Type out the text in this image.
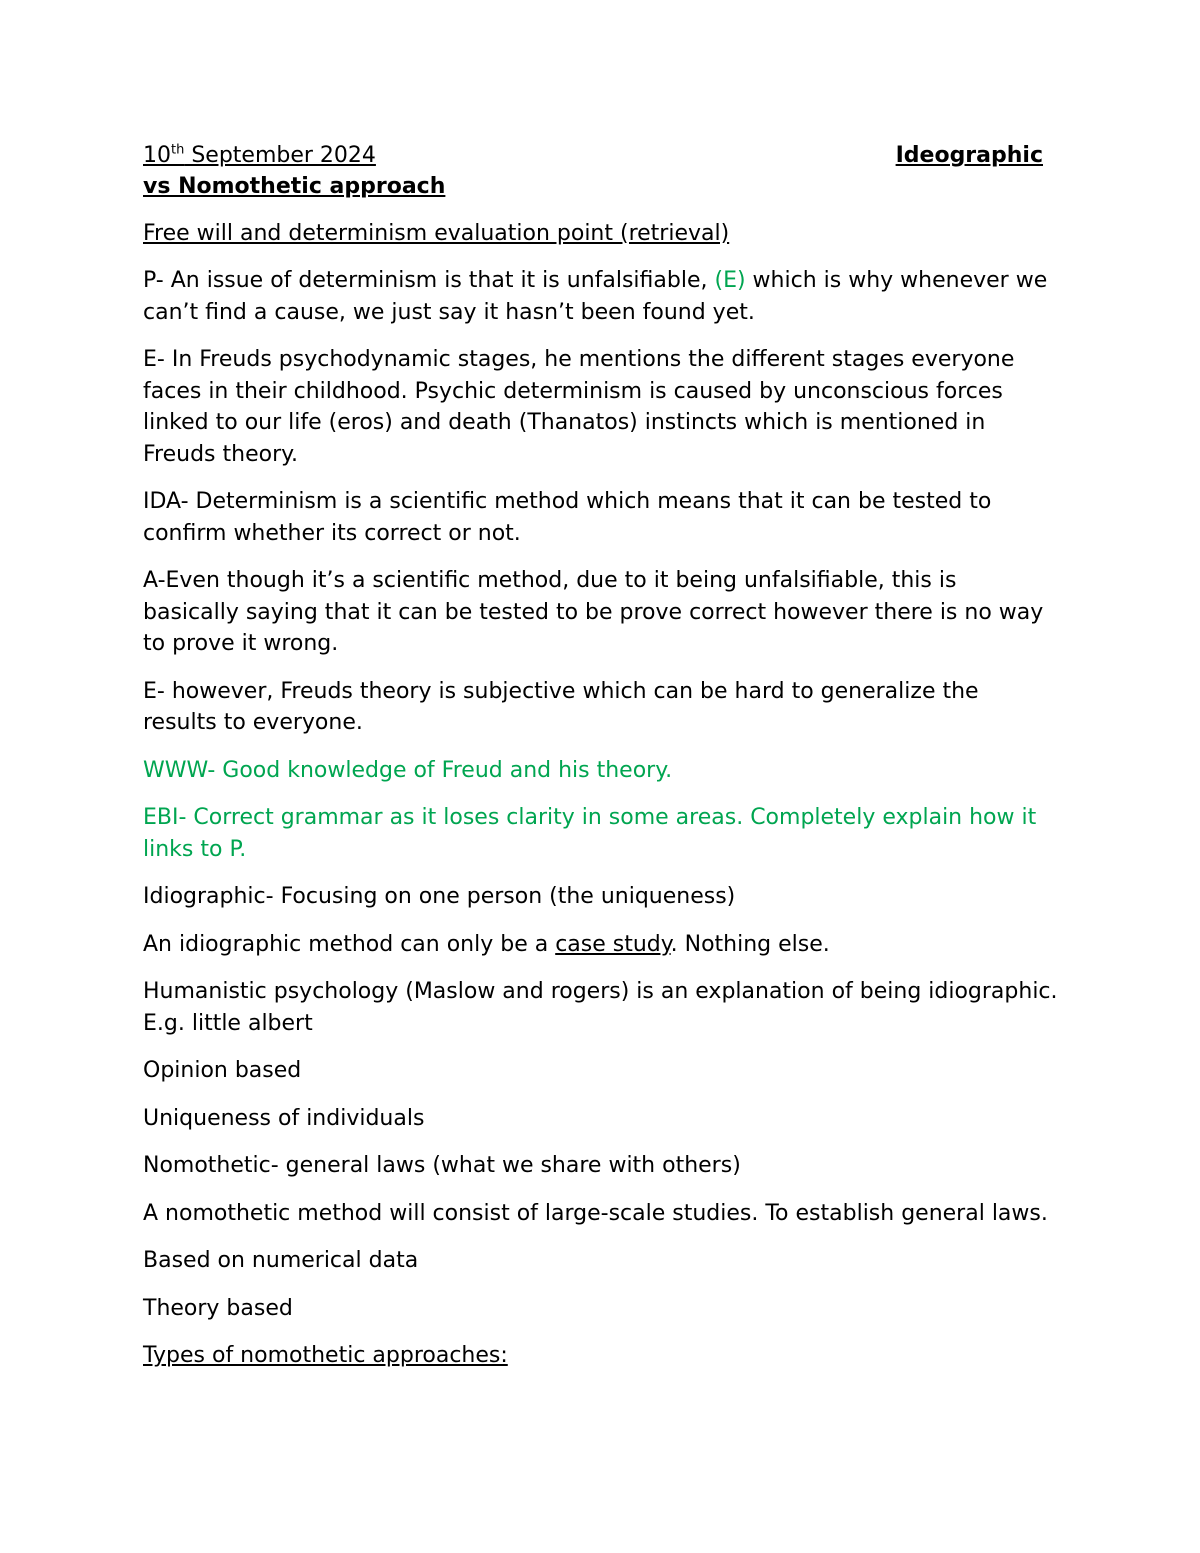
10th September 2024	Ideographic
vs Nomothetic approach

Free will and determinism evaluation point (retrieval)

P- An issue of determinism is that it is unfalsifiable, (E) which is why whenever we can’t find a cause, we just say it hasn’t been found yet.

E- In Freuds psychodynamic stages, he mentions the different stages everyone faces in their childhood. Psychic determinism is caused by unconscious forces linked to our life (eros) and death (Thanatos) instincts which is mentioned in Freuds theory.

IDA- Determinism is a scientific method which means that it can be tested to confirm whether its correct or not.

A-Even though it’s a scientific method, due to it being unfalsifiable, this is basically saying that it can be tested to be prove correct however there is no way to prove it wrong.

E- however, Freuds theory is subjective which can be hard to generalize the results to everyone.

WWW- Good knowledge of Freud and his theory.

EBI- Correct grammar as it loses clarity in some areas. Completely explain how it links to P.

Idiographic- Focusing on one person (the uniqueness)

An idiographic method can only be a case study. Nothing else.

Humanistic psychology (Maslow and rogers) is an explanation of being idiographic. E.g. little albert

Opinion based

Uniqueness of individuals

Nomothetic- general laws (what we share with others)

A nomothetic method will consist of large-scale studies. To establish general laws.

Based on numerical data

Theory based

Types of nomothetic approaches:
